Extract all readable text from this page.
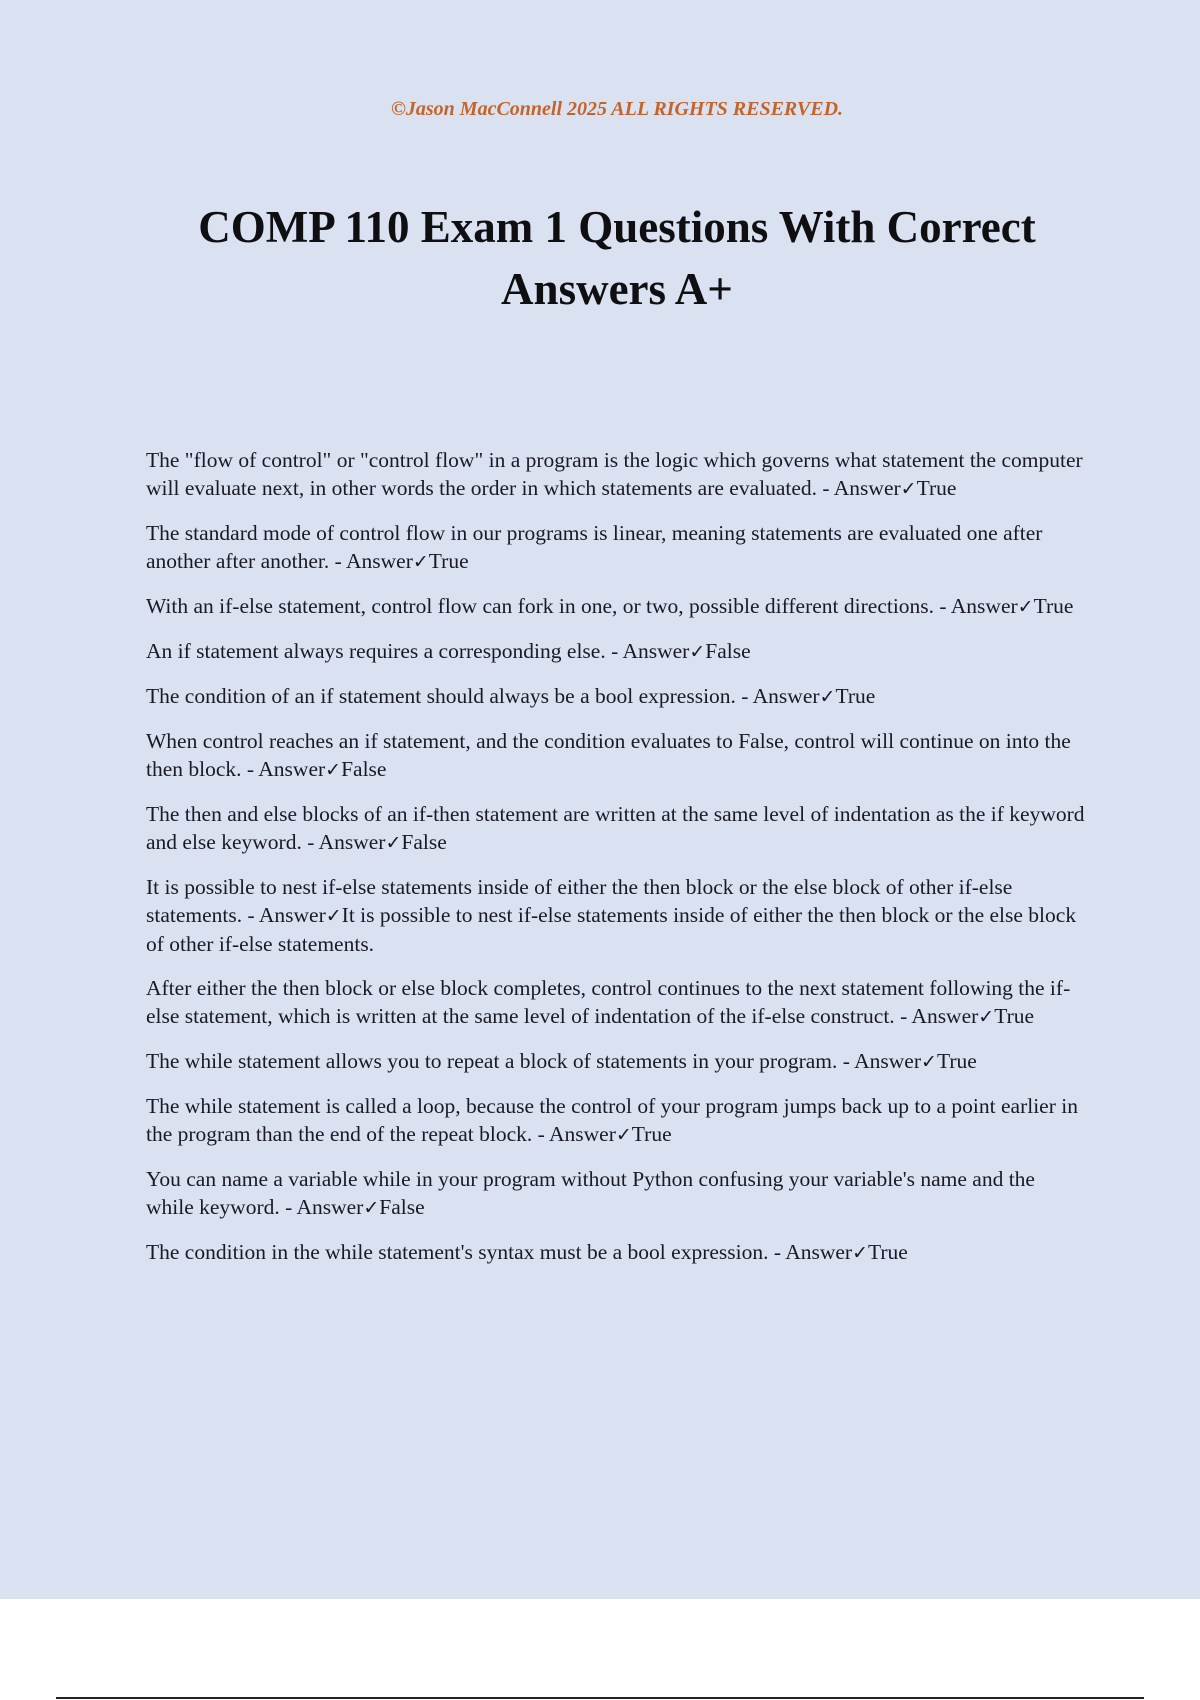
©Jason MacConnell 2025 ALL RIGHTS RESERVED.
COMP 110 Exam 1 Questions With Correct Answers A+

The "flow of control" or "control flow" in a program is the logic which governs what statement the computer will evaluate next, in other words the order in which statements are evaluated. - Answer✓True

The standard mode of control flow in our programs is linear, meaning statements are evaluated one after another after another. - Answer✓True

With an if-else statement, control flow can fork in one, or two, possible different directions. - Answer✓True

An if statement always requires a corresponding else. - Answer✓False

The condition of an if statement should always be a bool expression. - Answer✓True

When control reaches an if statement, and the condition evaluates to False, control will continue on into the then block. - Answer✓False

The then and else blocks of an if-then statement are written at the same level of indentation as the if keyword and else keyword. - Answer✓False

It is possible to nest if-else statements inside of either the then block or the else block of other if-else statements. - Answer✓It is possible to nest if-else statements inside of either the then block or the else block of other if-else statements.

After either the then block or else block completes, control continues to the next statement following the if-else statement, which is written at the same level of indentation of the if-else construct. - Answer✓True

The while statement allows you to repeat a block of statements in your program. - Answer✓True

The while statement is called a loop, because the control of your program jumps back up to a point earlier in the program than the end of the repeat block. - Answer✓True

You can name a variable while in your program without Python confusing your variable's name and the while keyword. - Answer✓False

The condition in the while statement's syntax must be a bool expression. - Answer✓True
